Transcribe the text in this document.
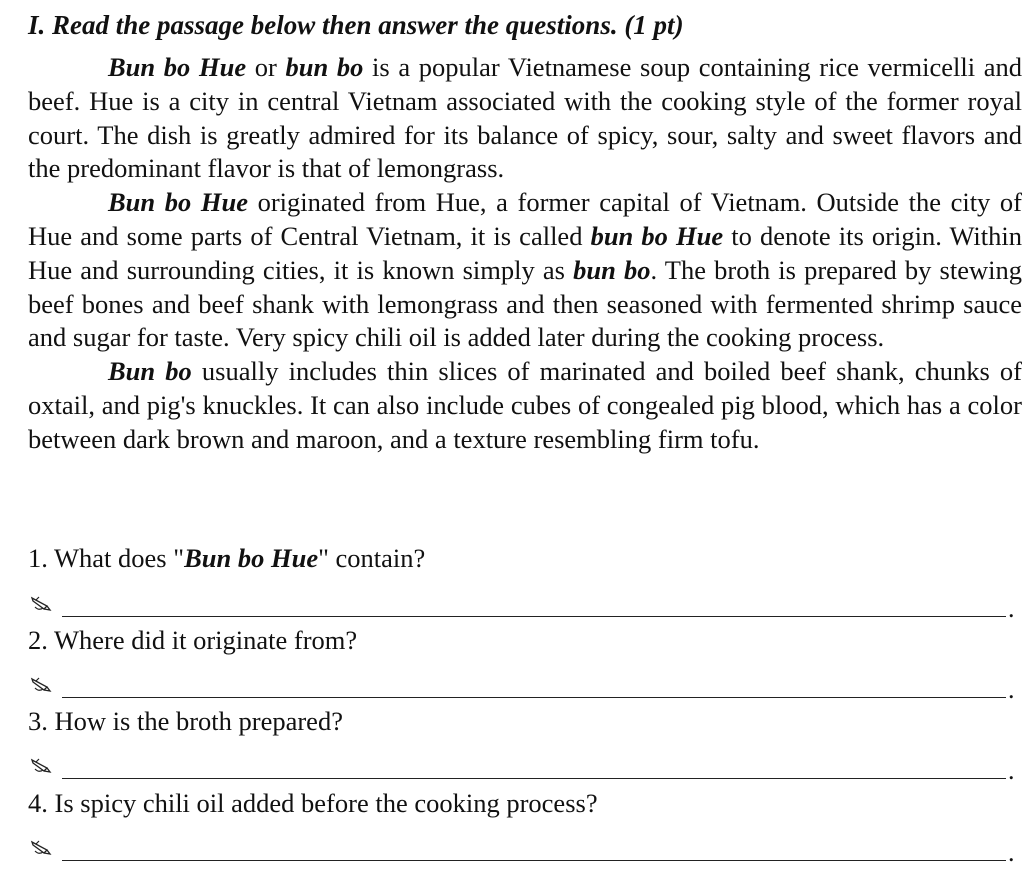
I. Read the passage below then answer the questions. (1 pt)

Bun bo Hue or bun bo is a popular Vietnamese soup containing rice vermicelli and beef. Hue is a city in central Vietnam associated with the cooking style of the former royal court. The dish is greatly admired for its balance of spicy, sour, salty and sweet flavors and the predominant flavor is that of lemongrass.

Bun bo Hue originated from Hue, a former capital of Vietnam. Outside the city of Hue and some parts of Central Vietnam, it is called bun bo Hue to denote its origin. Within Hue and surrounding cities, it is known simply as bun bo. The broth is prepared by stewing beef bones and beef shank with lemongrass and then seasoned with fermented shrimp sauce and sugar for taste. Very spicy chili oil is added later during the cooking process.

Bun bo usually includes thin slices of marinated and boiled beef shank, chunks of oxtail, and pig's knuckles. It can also include cubes of congealed pig blood, which has a color between dark brown and maroon, and a texture resembling firm tofu.

1. What does "Bun bo Hue" contain?
.
2. Where did it originate from?
.
3. How is the broth prepared?
.
4. Is spicy chili oil added before the cooking process?
.
